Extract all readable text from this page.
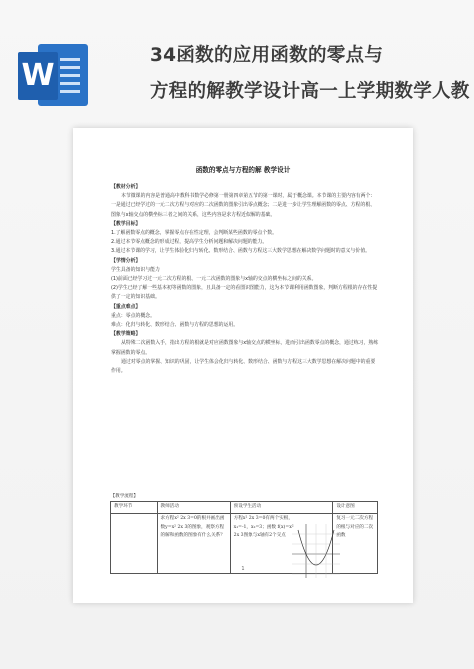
W
34函数的应用函数的零点与
方程的解教学设计高一上学期数学人教
函数的零点与方程的解 教学设计

【教材分析】

本节微课的内容是普通高中教科书数学必修第一册第四章第五节的第一课时，属于概念课。本节课的主要内容有两个：一是通过已经学过的一元二次方程与对应的二次函数的图象引出零点概念；二是进一步让学生理解函数的零点、方程的根、图象与x轴交点的横坐标三者之间的关系，这些内容是求方程近似解的基础。

【教学目标】

1.了解函数零点的概念，掌握零点存在性定理，会判断某些函数的零点个数。

2.通过本节零点概念的形成过程，提高学生分析问题和解决问题的能力。

3.通过本节课的学习，让学生体验化归与转化、数形结合、函数与方程这三大数学思想在解决数学问题时的意义与价值。

【学情分析】

学生具备的知识与能力

(1)前面已经学习过一元二次方程的根、一元二次函数的图象与x轴的交点的横坐标之间的关系。

(2)学生已经了解一些基本初等函数的图象，且具备一定的看图识图能力，这为本节课利用函数图象，判断方程根的存在性提供了一定的知识基础。

【重点难点】

重点：零点的概念。

难点：化归与转化、数形结合、函数与方程的思想的运用。

【教学策略】

从特殊二次函数入手，指出方程的根就是对应函数图象与x轴交点的横坐标，进而引出函数零点的概念，通过练习，熟练掌握函数的零点。

通过对零点的掌握、知识的巩固，让学生体会化归与转化、数形结合、函数与方程这三大数学思想在解决问题中的重要作用。

【教学流程】			
教学环节	教师活动	预设学生活动	设计意图
	求方程x² 2x 3=0的根并画出函数y=x² 2x 3的图象，观察方程的解和函数的图象有什么关系？	方程x² 2x 3=0有两个实根，x₁=-1，x₂=3；函数 f(x)=x² 2x 3图象与x轴有2个交点	复习一元二次方程的根与对应的二次函数
1
